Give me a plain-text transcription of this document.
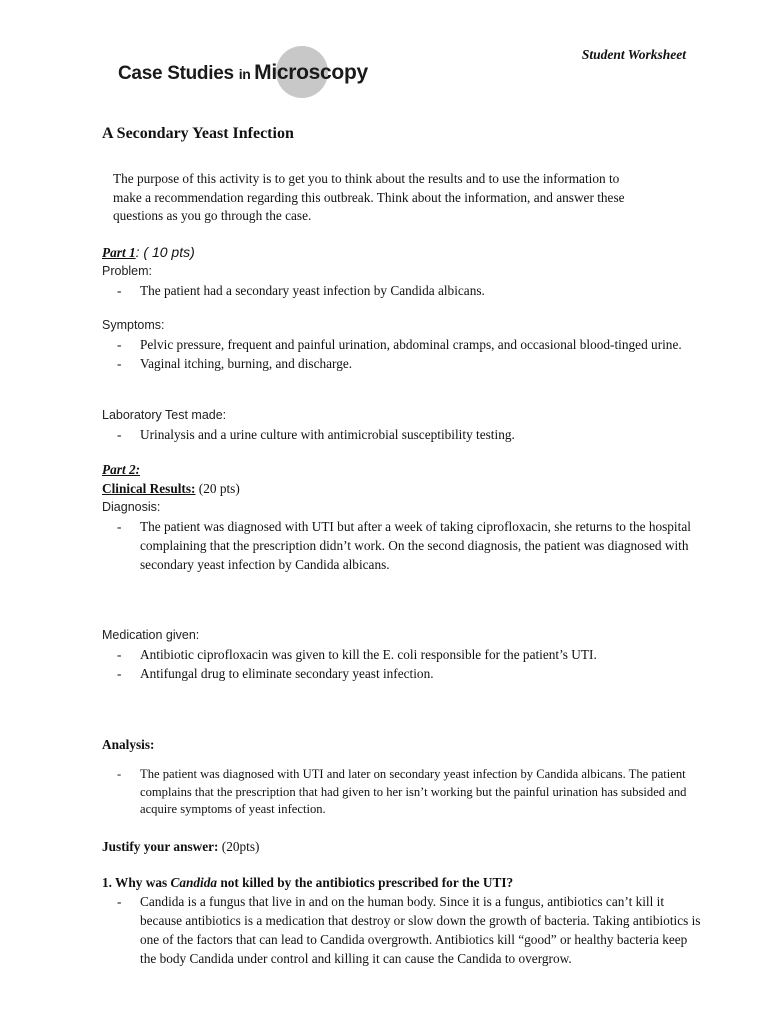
Case Studies in Microscopy
Student Worksheet
A Secondary Yeast Infection
The purpose of this activity is to get you to think about the results and to use the information to make a recommendation regarding this outbreak. Think about the information, and answer these questions as you go through the case.
Part 1: ( 10 pts)
Problem:
- The patient had a secondary yeast infection by Candida albicans.
Symptoms:
- Pelvic pressure, frequent and painful urination, abdominal cramps, and occasional blood-tinged urine.
- Vaginal itching, burning, and discharge.
Laboratory Test made:
- Urinalysis and a urine culture with antimicrobial susceptibility testing.
Part 2:
Clinical Results: (20 pts)
Diagnosis:
- The patient was diagnosed with UTI but after a week of taking ciprofloxacin, she returns to the hospital complaining that the prescription didn’t work. On the second diagnosis, the patient was diagnosed with secondary yeast infection by Candida albicans.
Medication given:
- Antibiotic ciprofloxacin was given to kill the E. coli responsible for the patient’s UTI.
- Antifungal drug to eliminate secondary yeast infection.
Analysis:
- The patient was diagnosed with UTI and later on secondary yeast infection by Candida albicans. The patient complains that the prescription that had given to her isn’t working but the painful urination has subsided and acquire symptoms of yeast infection.
Justify your answer: (20pts)
1. Why was Candida not killed by the antibiotics prescribed for the UTI?
- Candida is a fungus that live in and on the human body. Since it is a fungus, antibiotics can’t kill it because antibiotics is a medication that destroy or slow down the growth of bacteria. Taking antibiotics is one of the factors that can lead to Candida overgrowth. Antibiotics kill “good” or healthy bacteria keep the body Candida under control and killing it can cause the Candida to overgrow.
